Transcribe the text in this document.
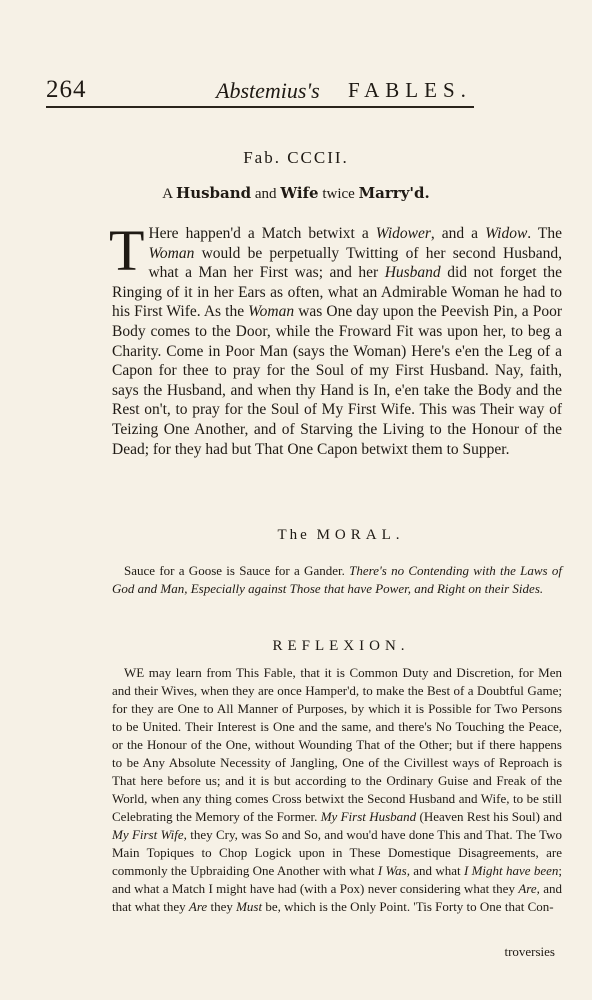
264	Abstemius's FABLES.
Fab. CCCII.
A Husband and Wife twice Marry'd.
T Here happen'd a Match betwixt a Widower, and a Widow. The Woman would be perpetually Twitting of her second Husband, what a Man her First was; and her Husband did not forget the Ringing of it in her Ears as often, what an Admirable Woman he had to his First Wife. As the Woman was One day upon the Peevish Pin, a Poor Body comes to the Door, while the Froward Fit was upon her, to beg a Charity. Come in Poor Man (says the Woman) Here's e'en the Leg of a Capon for thee to pray for the Soul of my First Husband. Nay, faith, says the Husband, and when thy Hand is In, e'en take the Body and the Rest on't, to pray for the Soul of My First Wife. This was Their way of Teizing One Another, and of Starving the Living to the Honour of the Dead; for they had but That One Capon betwixt them to Supper.
The MORAL.
Sauce for a Goose is Sauce for a Gander. There's no Contending with the Laws of God and Man, Especially against Those that have Power, and Right on their Sides.
REFLEXION.
WE may learn from This Fable, that it is Common Duty and Discretion, for Men and their Wives, when they are once Hamper'd, to make the Best of a Doubtful Game; for they are One to All Manner of Purposes, by which it is Possible for Two Persons to be United. Their Interest is One and the same, and there's No Touching the Peace, or the Honour of the One, without Wounding That of the Other; but if there happens to be Any Absolute Necessity of Jangling, One of the Civillest ways of Reproach is That here before us; and it is but according to the Ordinary Guise and Freak of the World, when any thing comes Cross betwixt the Second Husband and Wife, to be still Celebrating the Memory of the Former. My First Husband (Heaven Rest his Soul) and My First Wife, they Cry, was So and So, and wou'd have done This and That. The Two Main Topiques to Chop Logick upon in These Domestique Disagreements, are commonly the Upbraiding One Another with what I Was, and what I Might have been; and what a Match I might have had (with a Pox) never considering what they Are, and that what they Are they Must be, which is the Only Point. 'Tis Forty to One that Con-
troversies
